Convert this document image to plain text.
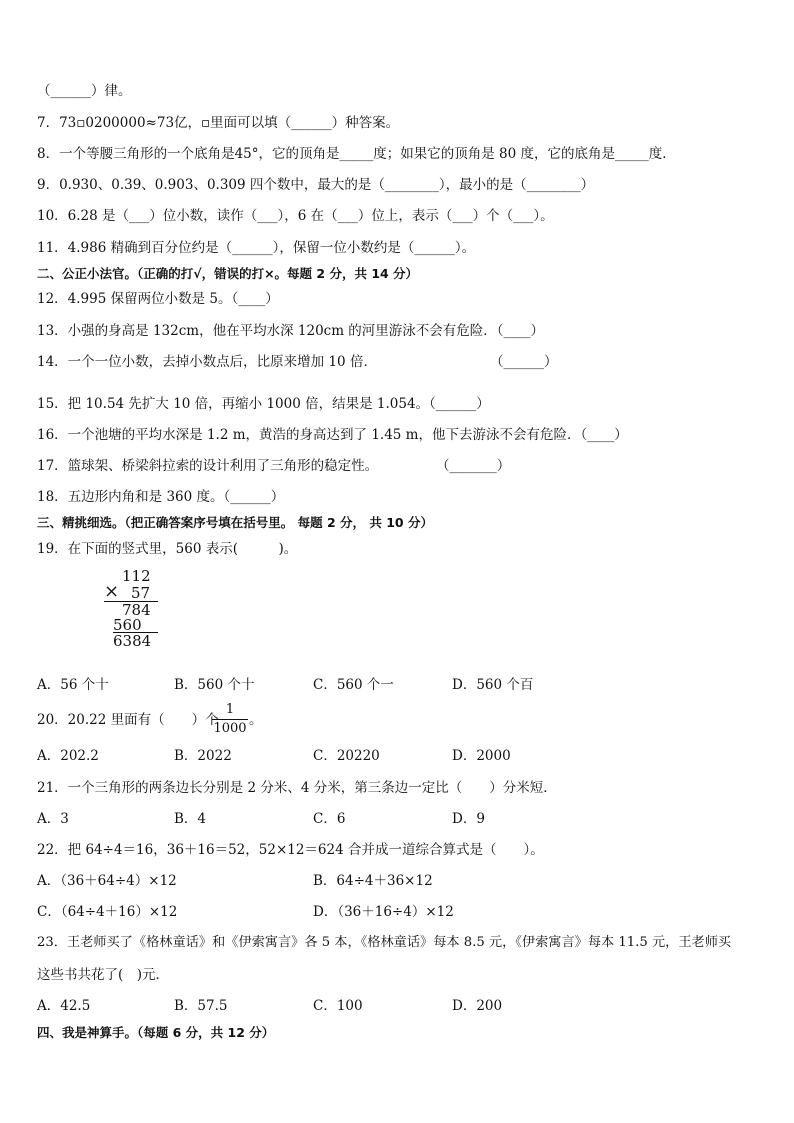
（______）律。
7．73▫0200000≈73亿，▫里面可以填（______）种答案。
8．一个等腰三角形的一个底角是45°，它的顶角是_____度；如果它的顶角是 80 度，它的底角是_____度．
9．0.930、0.39、0.903、0.309 四个数中，最大的是（________），最小的是（________）
10．6.28 是（___）位小数，读作（___），6 在（___）位上，表示（___）个（___）。
11．4.986 精确到百分位约是（______），保留一位小数约是（______）。
二、公正小法官。（正确的打√，错误的打×。每题 2 分，共 14 分）
12．4.995 保留两位小数是 5。（____）
13．小强的身高是 132cm，他在平均水深 120cm 的河里游泳不会有危险．（____）
14．一个一位小数，去掉小数点后，比原来增加 10 倍．	（______）
15．把 10.54 先扩大 10 倍，再缩小 1000 倍，结果是 1.054。（______）
16．一个池塘的平均水深是 1.2 m，黄浩的身高达到了 1.45 m，他下去游泳不会有危险．（____）
17．篮球架、桥梁斜拉索的设计利用了三角形的稳定性。	（_______）
18．五边形内角和是 360 度。（______）
三、精挑细选。（把正确答案序号填在括号里。 每题 2 分， 共 10 分）
19．在下面的竖式里，560 表示(　　　)。
112
× 57
784
560
6384
A．56 个十	B．560 个十	C．560 个一	D．560 个百
20．20.22 里面有（　　）个
1
1000
。
A．202.2	B．2022	C．20220	D．2000
21．一个三角形的两条边长分别是 2 分米、4 分米，第三条边一定比（　　）分米短．
A．3	B．4	C．6	D．9
22．把 64÷4＝16，36＋16＝52，52×12＝624 合并成一道综合算式是（　　）。
A．（36＋64÷4）×12	B．64÷4＋36×12
C．（64÷4＋16）×12	D．（36＋16÷4）×12
23．王老师买了《格林童话》和《伊索寓言》各 5 本，《格林童话》每本 8.5 元，《伊索寓言》每本 11.5 元，王老师买
这些书共花了(　)元．
A．42.5	B．57.5	C．100	D．200
四、我是神算手。（每题 6 分，共 12 分）
